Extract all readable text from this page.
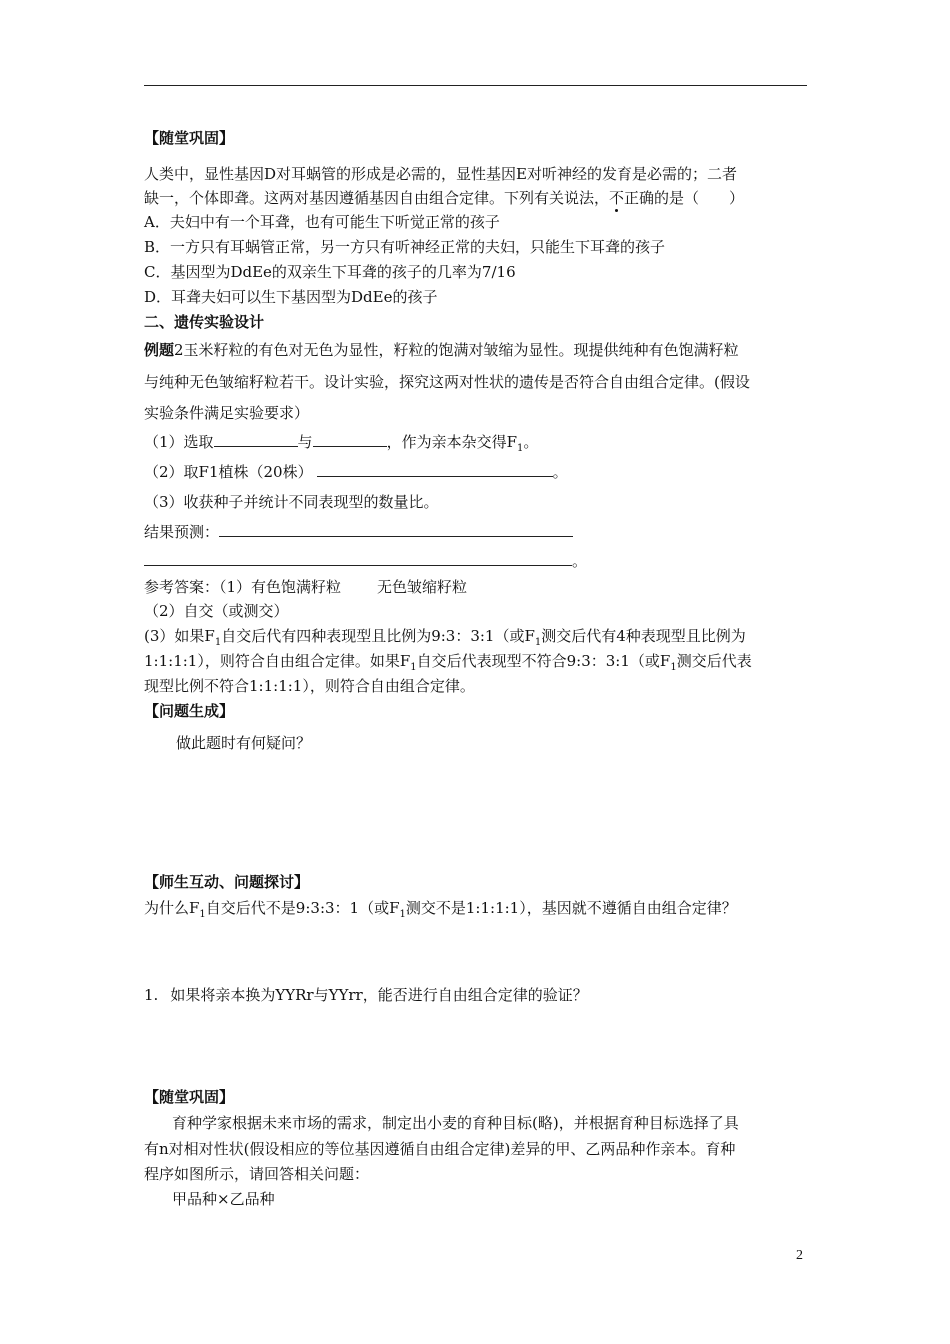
【随堂巩固】
人类中，显性基因D对耳蜗管的形成是必需的，显性基因E对听神经的发育是必需的；二者
缺一，个体即聋。这两对基因遵循基因自由组合定律。下列有关说法，不正确的是（　　）
A．夫妇中有一个耳聋，也有可能生下听觉正常的孩子
B．一方只有耳蜗管正常，另一方只有听神经正常的夫妇，只能生下耳聋的孩子
C．基因型为DdEe的双亲生下耳聋的孩子的几率为7/16
D．耳聋夫妇可以生下基因型为DdEe的孩子
二、遗传实验设计
例题2玉米籽粒的有色对无色为显性，籽粒的饱满对皱缩为显性。现提供纯种有色饱满籽粒
与纯种无色皱缩籽粒若干。设计实验，探究这两对性状的遗传是否符合自由组合定律。(假设
实验条件满足实验要求）
（1）选取	与	，作为亲本杂交得$F_1$。
（2）取F1植株（20株）	。
（3）收获种子并统计不同表现型的数量比。
结果预测：
。
参考答案：（1）有色饱满籽粒 无色皱缩籽粒
（2）自交（或测交）
(3）如果$F_1$自交后代有四种表现型且比例为9:3：3:1（或$F_1$测交后代有4种表现型且比例为
1:1:1:1），则符合自由组合定律。如果$F_1$自交后代表现型不符合9:3：3:1（或$F_1$测交后代表
现型比例不符合1:1:1:1），则符合自由组合定律。
【问题生成】
做此题时有何疑问？
【师生互动、问题探讨】
为什么$F_1$自交后代不是9:3:3：1（或$F_1$测交不是1:1:1:1），基因就不遵循自由组合定律？
1. 如果将亲本换为YYRr与YYrr，能否进行自由组合定律的验证？
【随堂巩固】
育种学家根据未来市场的需求，制定出小麦的育种目标(略)，并根据育种目标选择了具
有n对相对性状(假设相应的等位基因遵循自由组合定律)差异的甲、乙两品种作亲本。育种
程序如图所示，请回答相关问题：
甲品种×乙品种
2
